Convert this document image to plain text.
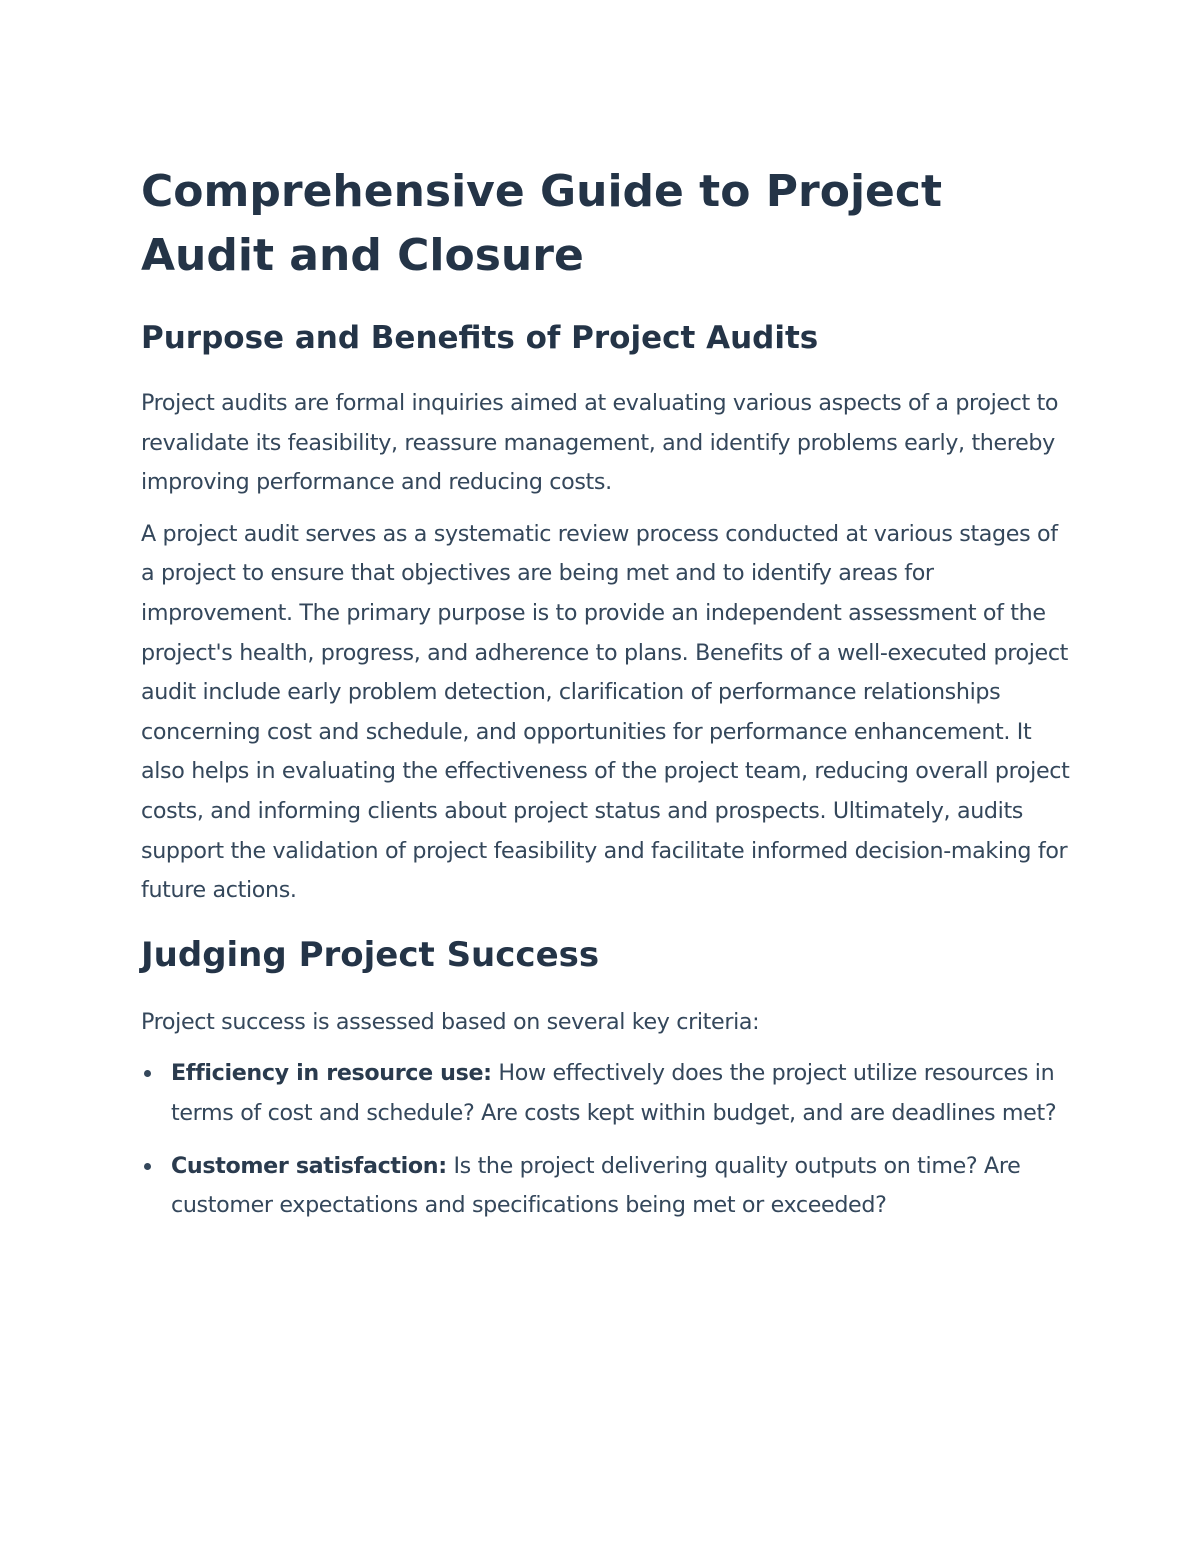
Comprehensive Guide to Project Audit and Closure
Purpose and Benefits of Project Audits

Project audits are formal inquiries aimed at evaluating various aspects of a project to revalidate its feasibility, reassure management, and identify problems early, thereby improving performance and reducing costs.

A project audit serves as a systematic review process conducted at various stages of a project to ensure that objectives are being met and to identify areas for improvement. The primary purpose is to provide an independent assessment of the project's health, progress, and adherence to plans. Benefits of a well-executed project audit include early problem detection, clarification of performance relationships concerning cost and schedule, and opportunities for performance enhancement. It also helps in evaluating the effectiveness of the project team, reducing overall project costs, and informing clients about project status and prospects. Ultimately, audits support the validation of project feasibility and facilitate informed decision-making for future actions.

Judging Project Success

Project success is assessed based on several key criteria:

Efficiency in resource use: How effectively does the project utilize resources in terms of cost and schedule? Are costs kept within budget, and are deadlines met?
Customer satisfaction: Is the project delivering quality outputs on time? Are customer expectations and specifications being met or exceeded?
